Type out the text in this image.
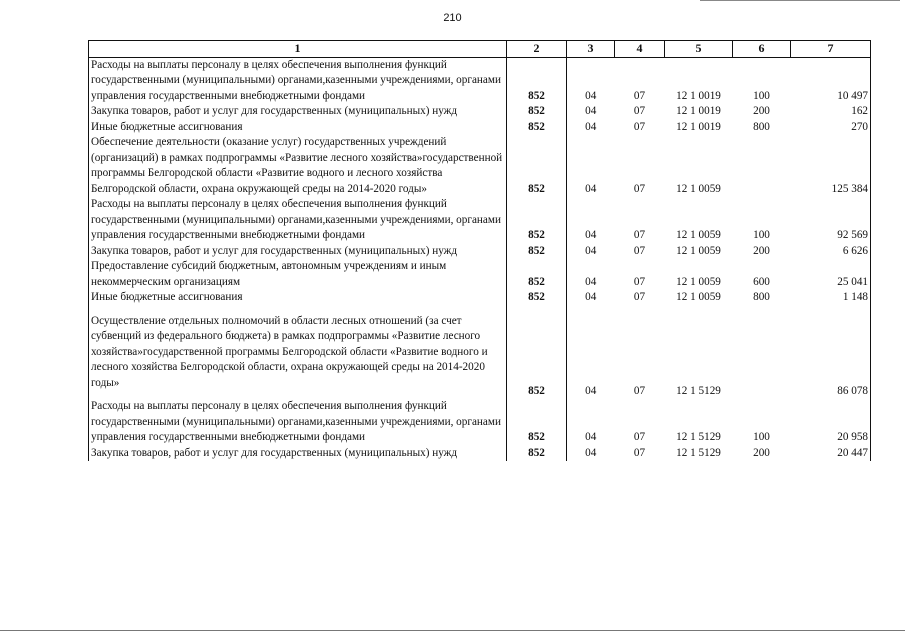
210
1	2	3	4	5	6	7
Расходы на выплаты персоналу в целях обеспечения выполнения функций государственными (муниципальными) органами,казенными учреждениями, органами управления государственными внебюджетными фондами	852	04	07	12 1 0019	100	10 497
Закупка товаров, работ и услуг для государственных (муниципальных) нужд	852	04	07	12 1 0019	200	162
Иные бюджетные ассигнования	852	04	07	12 1 0019	800	270
Обеспечение деятельности (оказание услуг) государственных учреждений (организаций) в рамках подпрограммы «Развитие лесного хозяйства»государственной программы Белгородской области «Развитие водного и лесного хозяйства Белгородской области, охрана окружающей среды на 2014-2020 годы»	852	04	07	12 1 0059		125 384
Расходы на выплаты персоналу в целях обеспечения выполнения функций государственными (муниципальными) органами,казенными учреждениями, органами управления государственными внебюджетными фондами	852	04	07	12 1 0059	100	92 569
Закупка товаров, работ и услуг для государственных (муниципальных) нужд	852	04	07	12 1 0059	200	6 626
Предоставление субсидий бюджетным, автономным учреждениям и иным некоммерческим организациям	852	04	07	12 1 0059	600	25 041
Иные бюджетные ассигнования	852	04	07	12 1 0059	800	1 148

Осуществление отдельных полномочий в области лесных отношений (за счет субвенций из федерального бюджета) в рамках подпрограммы «Развитие лесного хозяйства»государственной программы Белгородской области «Развитие водного и лесного хозяйства Белгородской области, охрана окружающей среды на 2014-2020 годы»	852	04	07	12 1 5129		86 078
Расходы на выплаты персоналу в целях обеспечения выполнения функций государственными (муниципальными) органами,казенными учреждениями, органами управления государственными внебюджетными фондами	852	04	07	12 1 5129	100	20 958
Закупка товаров, работ и услуг для государственных (муниципальных) нужд	852	04	07	12 1 5129	200	20 447
